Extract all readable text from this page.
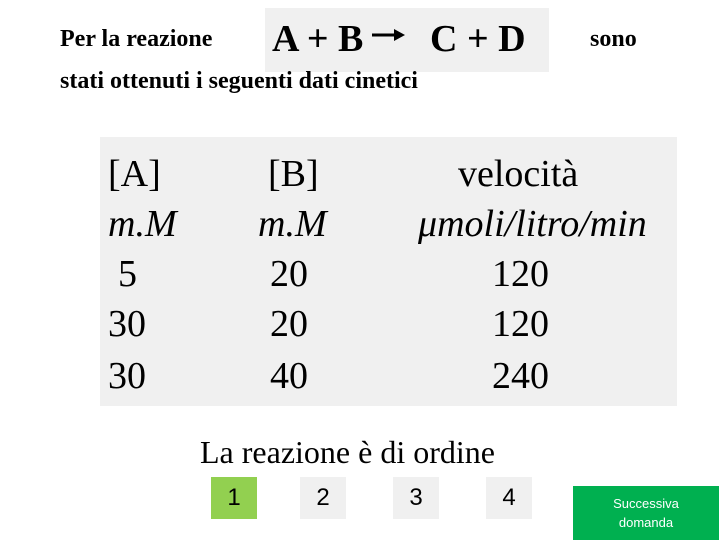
Per la reazione A + B → C + D	sono
stati ottenuti i seguenti dati cinetici
[A]	[B]	velocità
m.M m.M μmoli/litro/min
5	20	120
30	20	120
30	40	240
La reazione è di ordine
1	2	3	4	Successiva
domanda
